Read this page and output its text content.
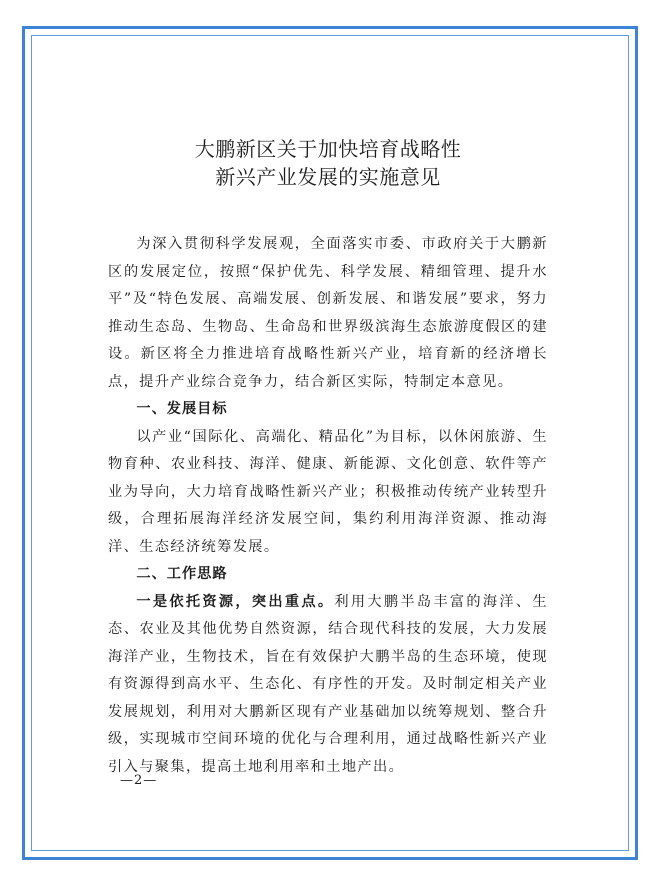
大鹏新区关于加快培育战略性
新兴产业发展的实施意见

为深入贯彻科学发展观，全面落实市委、市政府关于大鹏新区的发展定位，按照“保护优先、科学发展、精细管理、提升水平”及“特色发展、高端发展、创新发展、和谐发展”要求，努力推动生态岛、生物岛、生命岛和世界级滨海生态旅游度假区的建设。新区将全力推进培育战略性新兴产业，培育新的经济增长点，提升产业综合竞争力，结合新区实际，特制定本意见。

一、发展目标

以产业“国际化、高端化、精品化”为目标，以休闲旅游、生物育种、农业科技、海洋、健康、新能源、文化创意、软件等产业为导向，大力培育战略性新兴产业；积极推动传统产业转型升级，合理拓展海洋经济发展空间，集约利用海洋资源、推动海洋、生态经济统筹发展。

二、工作思路

一是依托资源，突出重点。利用大鹏半岛丰富的海洋、生态、农业及其他优势自然资源，结合现代科技的发展，大力发展海洋产业，生物技术，旨在有效保护大鹏半岛的生态环境，使现有资源得到高水平、生态化、有序性的开发。及时制定相关产业发展规划，利用对大鹏新区现有产业基础加以统筹规划、整合升级，实现城市空间环境的优化与合理利用，通过战略性新兴产业引入与聚集，提高土地利用率和土地产出。

—2—
